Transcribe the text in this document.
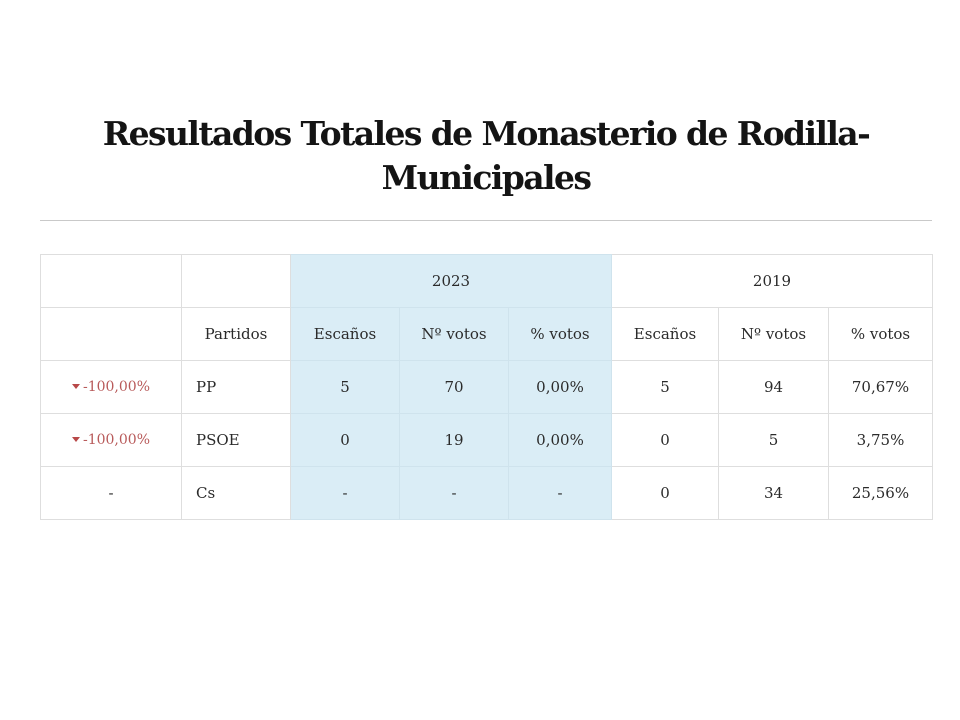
Resultados Totales de Monasterio de Rodilla- Municipales
		2023			2019		
	Partidos	Escaños	Nº votos	% votos	Escaños	Nº votos	% votos
-100,00%	PP	5	70	0,00%	5	94	70,67%
-100,00%	PSOE	0	19	0,00%	0	5	3,75%
-	Cs	-	-	-	0	34	25,56%
